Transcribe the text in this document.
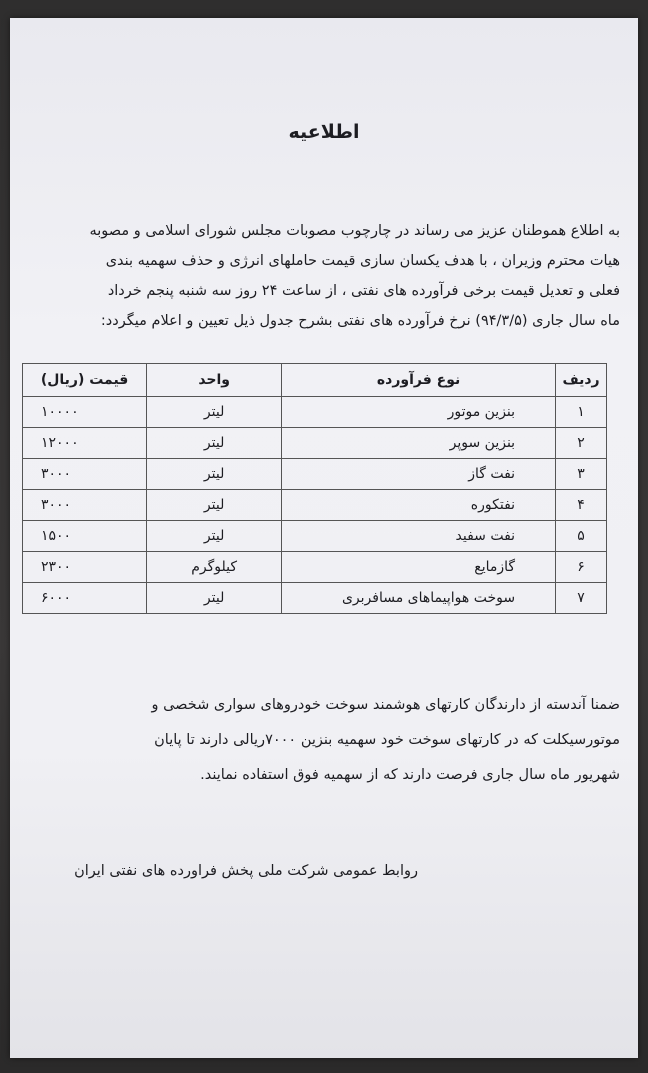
اطلاعیه

به اطلاع هموطنان عزیز می رساند در چارچوب مصوبات مجلس شورای اسلامی و مصوبه

هیات محترم وزیران ، با هدف یکسان سازی قیمت حاملهای انرژی و حذف سهمیه بندی

فعلی و تعدیل قیمت برخی فرآورده های نفتی ، از ساعت ۲۴ روز سه شنبه پنجم خرداد

ماه سال جاری (۹۴/۳/۵) نرخ فرآورده های نفتی بشرح جدول ذیل تعیین و اعلام میگردد:

ردیف	نوع فرآورده	واحد	قیمت (ریال)
۱	بنزین موتور	لیتر	۱۰۰۰۰
۲	بنزین سوپر	لیتر	۱۲۰۰۰
۳	نفت گاز	لیتر	۳۰۰۰
۴	نفتکوره	لیتر	۳۰۰۰
۵	نفت سفید	لیتر	۱۵۰۰
۶	گازمایع	کیلوگرم	۲۳۰۰
۷	سوخت هواپیماهای مسافربری	لیتر	۶۰۰۰

ضمنا آندسته از دارندگان کارتهای هوشمند سوخت خودروهای سواری شخصی و

موتورسیکلت که در کارتهای سوخت خود سهمیه بنزین ۷۰۰۰ریالی دارند تا پایان

شهریور ماه سال جاری فرصت دارند که از سهمیه فوق استفاده نمایند.

روابط عمومی شرکت ملی پخش فراورده های نفتی ایران
